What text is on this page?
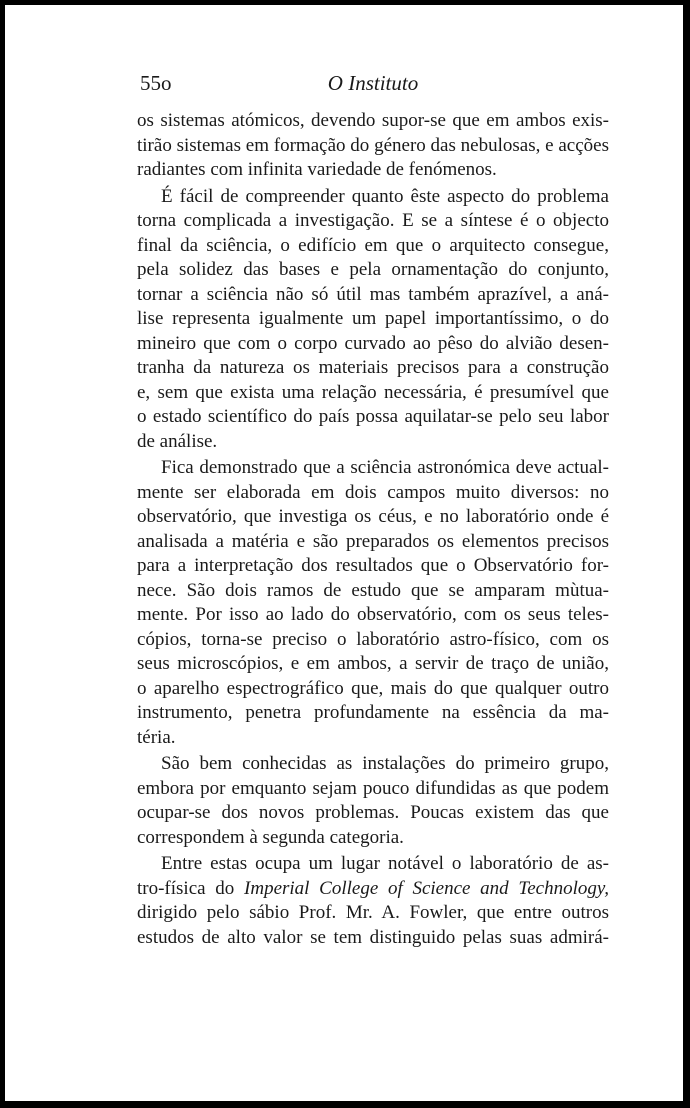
55o	O Instituto
os sistemas atómicos, devendo supor-se que em ambos exis-
tirão sistemas em formação do género das nebulosas, e acções
radiantes com infinita variedade de fenómenos.
É fácil de compreender quanto êste aspecto do problema
torna complicada a investigação. E se a síntese é o objecto
final da sciência, o edifício em que o arquitecto consegue,
pela solidez das bases e pela ornamentação do conjunto,
tornar a sciência não só útil mas também aprazível, a aná-
lise representa igualmente um papel importantíssimo, o do
mineiro que com o corpo curvado ao pêso do alvião desen-
tranha da natureza os materiais precisos para a construção
e, sem que exista uma relação necessária, é presumível que
o estado scientífico do país possa aquilatar-se pelo seu labor
de análise.
Fica demonstrado que a sciência astronómica deve actual-
mente ser elaborada em dois campos muito diversos: no
observatório, que investiga os céus, e no laboratório onde é
analisada a matéria e são preparados os elementos precisos
para a interpretação dos resultados que o Observatório for-
nece. São dois ramos de estudo que se amparam mùtua-
mente. Por isso ao lado do observatório, com os seus teles-
cópios, torna-se preciso o laboratório astro-físico, com os
seus microscópios, e em ambos, a servir de traço de união,
o aparelho espectrográfico que, mais do que qualquer outro
instrumento, penetra profundamente na essência da ma-
téria.
São bem conhecidas as instalações do primeiro grupo,
embora por emquanto sejam pouco difundidas as que podem
ocupar-se dos novos problemas. Poucas existem das que
correspondem à segunda categoria.
Entre estas ocupa um lugar notável o laboratório de as-
tro-física do Imperial College of Science and Technology,
dirigido pelo sábio Prof. Mr. A. Fowler, que entre outros
estudos de alto valor se tem distinguido pelas suas admirá-
